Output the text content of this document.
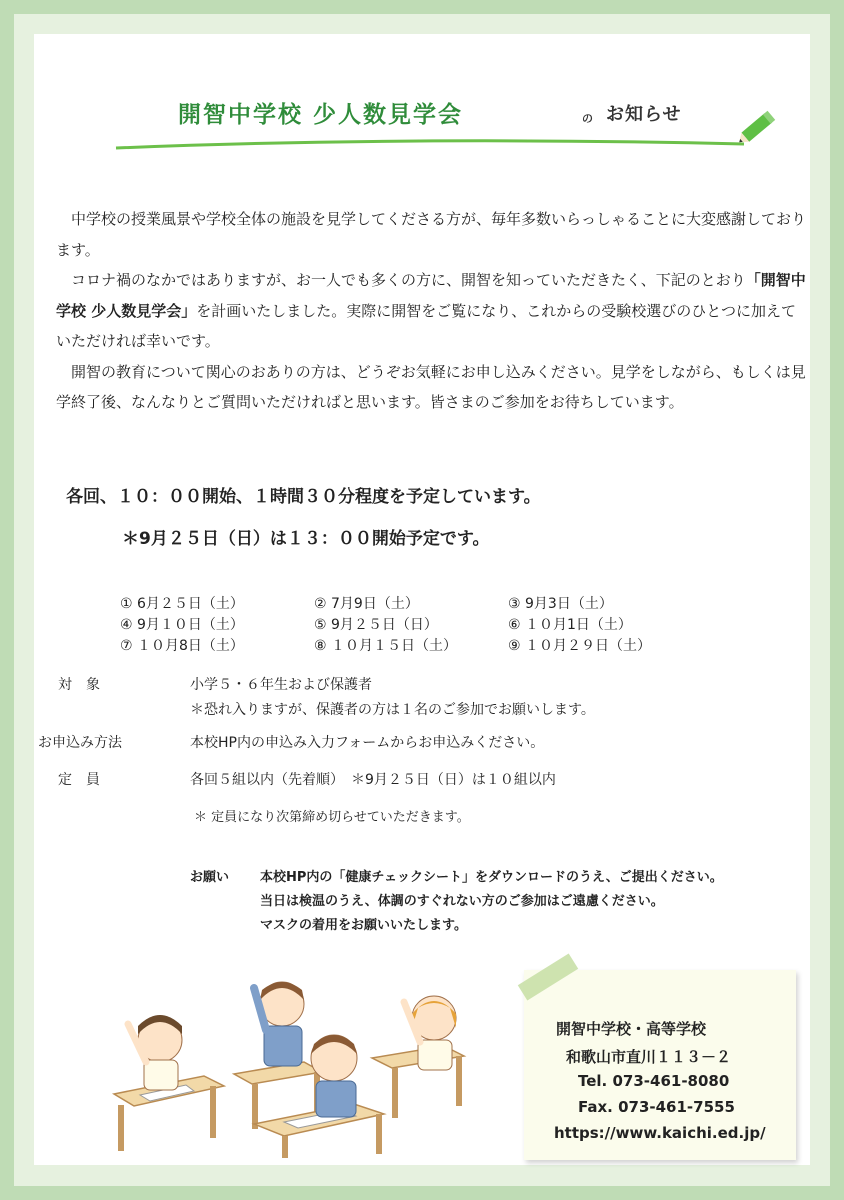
開智中学校 少人数見学会	の お知らせ

中学校の授業風景や学校全体の施設を見学してくださる方が、毎年多数いらっしゃることに大変感謝しております。

コロナ禍のなかではありますが、お一人でも多くの方に、開智を知っていただきたく、下記のとおり「開智中学校 少人数見学会」を計画いたしました。実際に開智をご覧になり、これからの受験校選びのひとつに加えていただければ幸いです。

開智の教育について関心のおありの方は、どうぞお気軽にお申し込みください。見学をしながら、もしくは見学終了後、なんなりとご質問いただければと思います。皆さまのご参加をお待ちしています。

各回、１０：００開始、１時間３０分程度を予定しています。
＊9月２５日（日）は１３：００開始予定です。
① 6月２５日（土）	② 7月9日（土）	③ 9月3日（土）
④ 9月１０日（土）	⑤ 9月２５日（日）	⑥ １０月1日（土）
⑦ １０月8日（土）	⑧ １０月１５日（土）	⑨ １０月２９日（土）
対　象	小学５・６年生および保護者
＊恐れ入りますが、保護者の方は１名のご参加でお願いします。
お申込み方法	本校HP内の申込み入力フォームからお申込みください。
定　員	各回５組以内（先着順）　＊9月２５日（日）は１０組以内
＊ 定員になり次第締め切らせていただきます。
お願い 本校HP内の「健康チェックシート」をダウンロードのうえ、ご提出ください。
当日は検温のうえ、体調のすぐれない方のご参加はご遠慮ください。
マスクの着用をお願いいたします。
開智中学校・高等学校
和歌山市直川１１３－２
Tel. 073-461-8080
Fax. 073-461-7555
https://www.kaichi.ed.jp/
